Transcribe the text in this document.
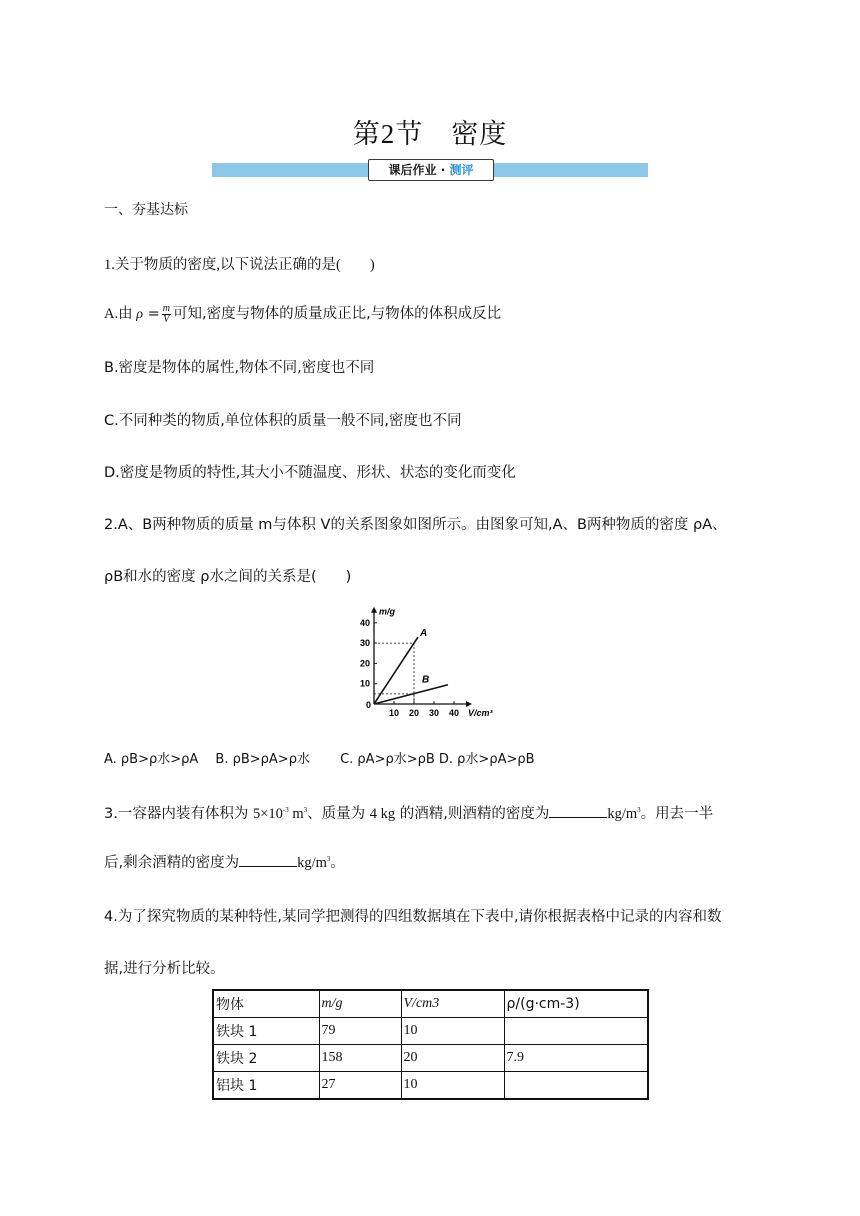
第2节　密度
课后作业 · 测评
一、夯基达标
1.关于物质的密度,以下说法正确的是(　　)
A.由 $\rho = \frac{m}{V}$ 可知,密度与物体的质量成正比,与物体的体积成反比
B.密度是物体的属性,物体不同,密度也不同
C.不同种类的物质,单位体积的质量一般不同,密度也不同
D.密度是物质的特性,其大小不随温度、形状、状态的变化而变化
2.A、B两种物质的质量 m与体积 V的关系图象如图所示。由图象可知,A、B两种物质的密度 ρA、
ρB和水的密度 ρ水之间的关系是(　　)
0
10 20 30 40
10
20
30
40
m/g
V/cm³
A
B
A. ρB>ρ水>ρA　 B. ρB>ρA>ρ水　　 C. ρA>ρ水>ρB D. ρ水>ρA>ρB
3.一容器内装有体积为 $5\times 10^{-3}$ $m^3$、质量为 4 kg 的酒精,则酒精的密度为	$kg/m^3$。用去一半
后,剩余酒精的密度为	$kg/m^3$。
4.为了探究物质的某种特性,某同学把测得的四组数据填在下表中,请你根据表格中记录的内容和数
据,进行分析比较。
物体	m/g	V/cm3	ρ/(g·cm-3)
铁块 1	79	10	
铁块 2	158	20	7.9
铝块 1	27	10	
